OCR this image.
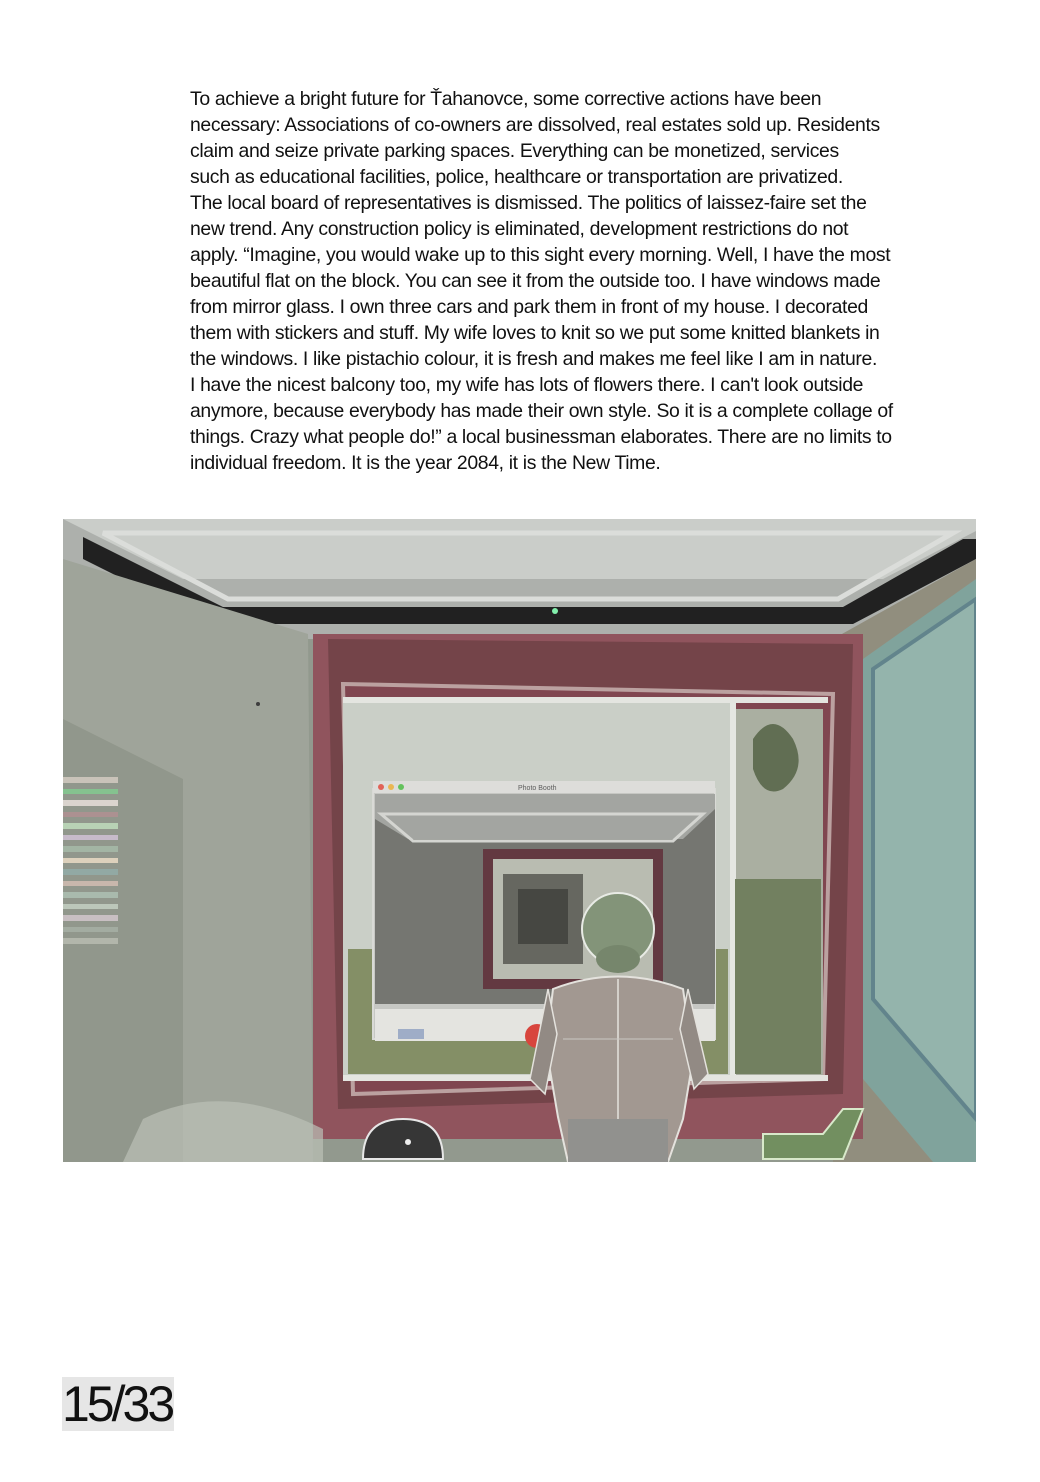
To achieve a bright future for Ťahanovce, some corrective actions have been
necessary: Associations of co-owners are dissolved, real estates sold up. Residents
claim and seize private parking spaces. Everything can be monetized, services
such as educational facilities, police, healthcare or transportation are privatized.
The local board of representatives is dismissed. The politics of laissez-faire set the
new trend. Any construction policy is eliminated, development restrictions do not
apply. “Imagine, you would wake up to this sight every morning. Well, I have the most
beautiful flat on the block. You can see it from the outside too. I have windows made
from mirror glass. I own three cars and park them in front of my house. I decorated
them with stickers and stuff. My wife loves to knit so we put some knitted blankets in
the windows. I like pistachio colour, it is fresh and makes me feel like I am in nature.
I have the nicest balcony too, my wife has lots of flowers there. I can't look outside
anymore, because everybody has made their own style. So it is a complete collage of
things. Crazy what people do!” a local businessman elaborates. There are no limits to
individual freedom. It is the year 2084, it is the New Time.

Photo Booth
15/33
